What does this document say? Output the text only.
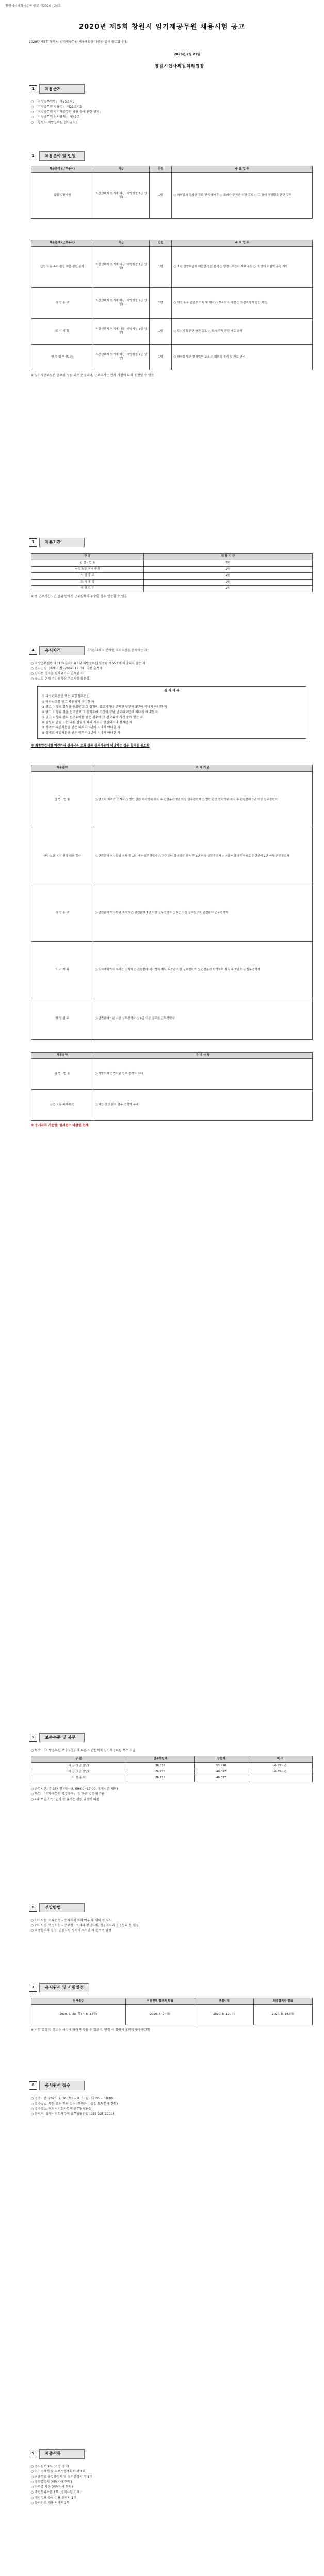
창원시시의회사무국 공고 제2020 - 24호
2020년 제5회 창원시 임기제공무원 채용시험 공고
2020년 제5회 창원시 임기제공무원 채용계획을 다음과 같이 공고합니다.
2020년 7월 23일
창원시인사위원회위원장
1	채용근거
○ 「지방공무원법」 제25조의5
○ 「지방공무원 임용령」 제21조의2
○ 「지방공무원 임기제공무원 채용 등에 관한 규정」
○ 「지방공무원 인사규칙」 제47조
○ 「창원시 지방공무원 인사규칙」
2	채용분야 및 인원
채용분야 (근무부서)	직급	인원	주 요 업 무
입법·법률지원	시간선택제 임기제 다급 (지방행정 7급 상당)	1명	○ 의원발의 조례안 검토 및 법률자문 ○ 조례안·규칙안 의견 검토 ○ 그 밖에 의정활동 관련 업무
채용분야 (근무부서)	직급	인원	주 요 업 무
산업·노동·복지·환경 예산·결산 분석	시간선택제 임기제 다급 (지방행정 7급 상당)	1명	○ 소관 상임위원회 예산안·결산 분석 ○ 행정사무감사 자료 분석 ○ 그 밖에 위원회 운영 지원
시 정 홍 보	시간선택제 임기제 마급 (지방행정 9급 상당)	1명	○ 의정 홍보 콘텐츠 기획 및 제작 ○ 보도자료 작성 ○ 의정소식지 발간 지원
도 시 계 획	시간선택제 임기제 다급 (지방시설 7급 상당)	1명	○ 도시계획 관련 안건 검토 ○ 도시·건축 관련 자료 분석
행 정 업 무 (보조)	시간선택제 임기제 마급 (지방행정 9급 상당)	1명	○ 위원회 일반 행정업무 보조 ○ 회의록 정리 및 자료 관리
※ 임기제공무원은 공무원 정원 외로 운영되며, 근무부서는 인사 사정에 따라 조정될 수 있음
3	채용기간
구 분	채 용 기 간
입 법 · 법 률	2년
산업·노동·복지·환경	2년
시 정 홍 보	2년
도 시 계 획	2년
행 정 업 무	2년
※ 총 근무기간 5년 범위 안에서 근무실적이 우수한 경우 연장할 수 있음
4	응시자격	(기본자격 + 분야별 자격요건을 충족하는 자)
○ 지방공무원법 제31조(결격사유) 및 지방공무원 임용령 제65조에 해당되지 않는 자
○ 응시연령: 18세 이상 (2002. 12. 31. 이전 출생자)
○ 남자는 병역을 필하였거나 면제된 자
○ 공고일 현재 주민등록상 주소지를 불문함
결 격 사 유
① 피성년후견인 또는 피한정후견인
② 파산선고를 받고 복권되지 아니한 자
③ 금고 이상의 실형을 선고받고 그 집행이 종료되거나 면제된 날부터 5년이 지나지 아니한 자
④ 금고 이상의 형을 선고받고 그 집행유예 기간이 끝난 날부터 2년이 지나지 아니한 자
⑤ 금고 이상의 형의 선고유예를 받은 경우에 그 선고유예 기간 중에 있는 자
⑥ 법원의 판결 또는 다른 법률에 따라 자격이 상실되거나 정지된 자
⑦ 징계로 파면처분을 받은 때부터 5년이 지나지 아니한 자
⑧ 징계로 해임처분을 받은 때부터 3년이 지나지 아니한 자
※ 최종면접시험 이전까지 결격사유 조회 결과 결격사유에 해당하는 경우 합격을 취소함
채용분야	자 격 기 준
입 법 · 법 률	○ 변호사 자격증 소지자 ○ 법학 관련 석사학위 취득 후 관련분야 1년 이상 실무경력자 ○ 법학 관련 학사학위 취득 후 관련분야 3년 이상 실무경력자
산업·노동·복지·환경 예산·결산	○ 관련분야 석사학위 취득 후 1년 이상 실무경력자 ○ 관련분야 학사학위 취득 후 3년 이상 실무경력자 ○ 7급 이상 공무원으로 관련분야 2년 이상 근무경력자
시 정 홍 보	○ 관련분야 학사학위 소지자 ○ 관련분야 1년 이상 실무경력자 ○ 9급 이상 공무원으로 관련분야 근무경력자
도 시 계 획	○ 도시계획기사 자격증 소지자 ○ 관련분야 석사학위 취득 후 1년 이상 실무경력자 ○ 관련분야 학사학위 취득 후 3년 이상 실무경력자
행 정 업 무	○ 관련분야 1년 이상 실무경력자 ○ 9급 이상 공무원 근무경력자
채용분야	우 대 사 항
입 법 · 법 률	○ 지방의회 입법지원 업무 경력자 우대
산업·노동·복지·환경	○ 예산·결산 분석 업무 경력자 우대
※ 응시자격 기준일: 원서접수 마감일 현재
5	보수수준 및 복무
○ 보수: 「지방공무원 보수규정」에 따른 시간선택제 임기제공무원 보수 지급
구 분	연봉하한액	상한액	비 고
다 급 (7급 상당)	36,019	53,990	주 35시간
마 급 (9급 상당)	26,718	40,097	주 35시간
시 정 홍 보	26,718	40,097	
○ 근무시간: 주 35시간 (월~금, 09:00~17:00, 휴게시간 제외)
○ 복무: 「지방공무원 복무규정」 및 관련 법령에 따름
○ 4대 보험 가입, 연가 등 휴가는 관련 규정에 따름
6	선발방법
○ 1차 시험: 서류전형 – 응시자격 적격 여부 및 경력 등 심사
○ 2차 시험: 면접시험 – 공무원으로서의 정신자세, 전문지식과 응용능력 등 평정
○ 최종합격자 결정: 면접시험 성적이 우수한 자 순으로 결정
7	응시원서 및 시험일정
원서접수	서류전형 합격자 발표	면접시험	최종합격자 발표
2020. 7. 30.(목) ~ 8. 3.(월)	2020. 8. 7.(금)	2020. 8. 12.(수)	2020. 8. 14.(금)
※ 시험 일정 및 장소는 사정에 따라 변경될 수 있으며, 변경 시 창원시 홈페이지에 공고함
8	응시원서 접수
○ 접수기간: 2020. 7. 30.(목) ~ 8. 3.(월) 09:00 ~ 18:00
○ 접수방법: 방문 또는 우편 접수 (우편은 마감일 도착분에 한함)
○ 접수장소: 창원시의회사무국 총무담당관실
○ 문의처: 창원시의회사무국 총무담당관실 (055-225-2000)
9	제출서류
○ 응시원서 1부 (소정 양식)
○ 자기소개서 및 직무수행계획서 각 1부
○ 최종학교 졸업증명서 및 성적증명서 각 1부
○ 경력증명서 (해당자에 한함)
○ 자격증 사본 (해당자에 한함)
○ 주민등록초본 1부 (병역사항 기재)
○ 개인정보 수집·이용 동의서 1부
○ 블라인드 채용 서약서 1부
